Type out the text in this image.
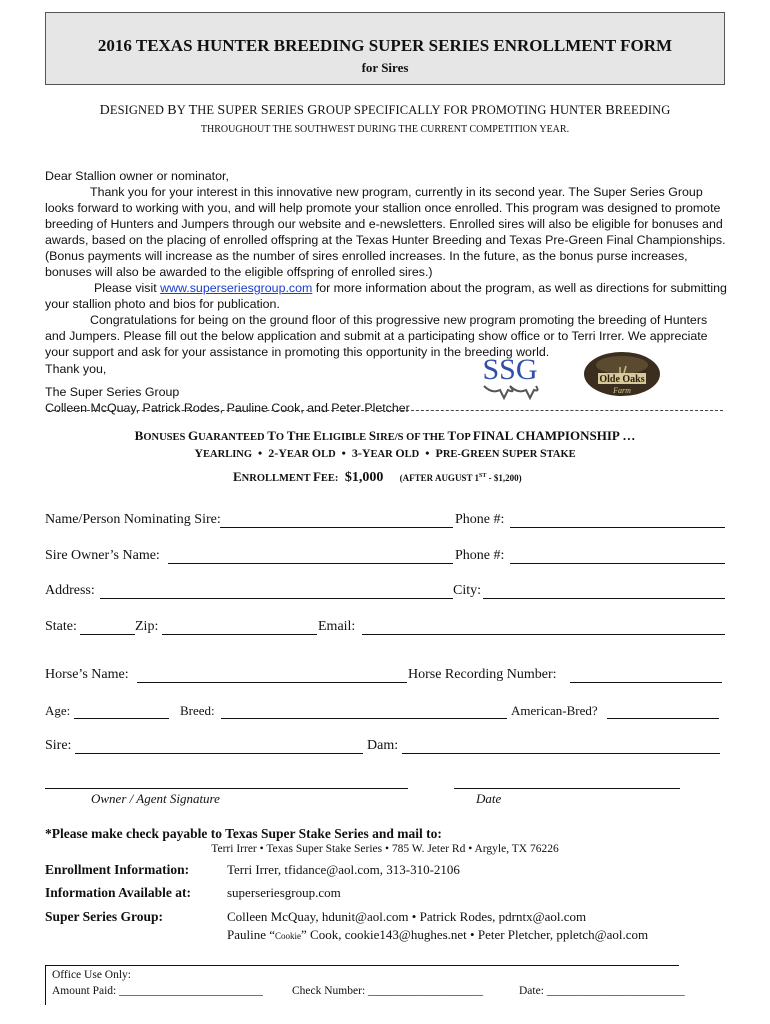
2016 TEXAS HUNTER BREEDING SUPER SERIES ENROLLMENT FORM
for Sires
DESIGNED BY THE SUPER SERIES GROUP SPECIFICALLY FOR PROMOTING HUNTER BREEDING
THROUGHOUT THE SOUTHWEST DURING THE CURRENT COMPETITION YEAR.
Dear Stallion owner or nominator,
Thank you for your interest in this innovative new program, currently in its second year. The Super Series Group looks forward to working with you, and will help promote your stallion once enrolled. This program was designed to promote breeding of Hunters and Jumpers through our website and e-newsletters. Enrolled sires will also be eligible for bonuses and awards, based on the placing of enrolled offspring at the Texas Hunter Breeding and Texas Pre-Green Final Championships. (Bonus payments will increase as the number of sires enrolled increases. In the future, as the bonus purse increases, bonuses will also be awarded to the eligible offspring of enrolled sires.)
Please visit www.superseriesgroup.com for more information about the program, as well as directions for submitting your stallion photo and bios for publication.
Congratulations for being on the ground floor of this progressive new program promoting the breeding of Hunters and Jumpers. Please fill out the below application and submit at a participating show office or to Terri Irrer. We appreciate your support and ask for your assistance in promoting this opportunity in the breeding world.
Thank you,
The Super Series Group
Colleen McQuay, Patrick Rodes, Pauline Cook, and Peter Pletcher
SSG	Olde Oaks
Farm
BONUSES GUARANTEED TO THE ELIGIBLE SIRE/S OF THE TOP FINAL CHAMPIONSHIP …
YEARLING • 2-YEAR OLD • 3-YEAR OLD • PRE-GREEN SUPER STAKE
ENROLLMENT FEE: $1,000 (AFTER AUGUST 1ST - $1,200)
Name/Person Nominating Sire:	Phone #:
Sire Owner’s Name:	Phone #:
Address:	City:
State:	Zip:	Email:
Horse’s Name:	Horse Recording Number:
Age:	Breed:	American-Bred?
Sire:	Dam:
Owner / Agent Signature	Date
*Please make check payable to Texas Super Stake Series and mail to:
Terri Irrer • Texas Super Stake Series • 785 W. Jeter Rd • Argyle, TX 76226
Enrollment Information:	Terri Irrer, tfidance@aol.com, 313-310-2106
Information Available at:	superseriesgroup.com
Super Series Group:	Colleen McQuay, hdunit@aol.com • Patrick Rodes, pdrntx@aol.com
Pauline “Cookie” Cook, cookie143@hughes.net • Peter Pletcher, ppletch@aol.com
Office Use Only:
Amount Paid: _________________________	Check Number: ____________________	Date: ________________________
